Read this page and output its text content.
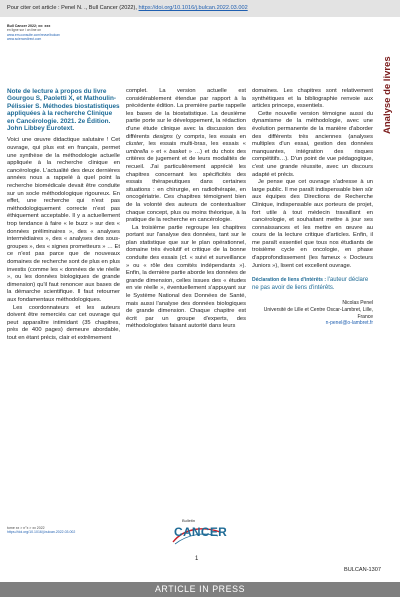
Pour citer cet article : Penel N. ., Bull Cancer (2022), https://doi.org/10.1016/j.bulcan.2022.03.002
Bull Cancer 2022; xx: xxx
en ligne sur / on line on
www.em-consulte.com/revue/bulcan
www.sciencedirect.com
Analyse de livres
Note de lecture à propos du livre Gourgou S, Paoletti X, et Mathoulin-Pélissier S. Méthodes biostatistiques appliquées à la recherche Clinique en Cancérologie. 2021. 2e Édition. John Libbey Eurotext.

Voici une œuvre didactique salutaire ! Cet ouvrage, qui plus est en français, permet une synthèse de la méthodologie actuelle appliquée à la recherche clinique en cancérologie. L'actualité des deux dernières années nous a rappelé à quel point la recherche biomédicale devait être conduite sur un socle méthodologique rigoureux. En effet, une recherche qui n'est pas méthodologiquement correcte n'est pas éthiquement acceptable. Il y a actuellement trop tendance à faire « le buzz » sur des « données préliminaires », des « analyses intermédiaires », des « analyses des sous-groupes », des « signes prometteurs » … Et ce n'est pas parce que de nouveaux domaines de recherche sont de plus en plus investis (comme les « données de vie réelle », ou les données biologiques de grande dimension) qu'il faut renoncer aux bases de la démarche scientifique. Il faut retourner aux fondamentaux méthodologiques.

Les coordonnateurs et les auteurs doivent être remerciés car cet ouvrage qui peut apparaître intimidant (35 chapitres, près de 400 pages) demeure abordable, tout en étant précis, clair et extrêmement

complet. La version actuelle est considérablement étendue par rapport à la précédente édition. La première partie rappelle les bases de la biostatistique. La deuxième partie porte sur le développement, la rédaction d'une étude clinique avec la discussion des différents designs (y compris, les essais en cluster, les essais multi-bras, les essais « umbrella » et « basket » …) et du choix des critères de jugement et de leurs modalités de recueil. J'ai particulièrement apprécié les chapitres concernant les spécificités des essais thérapeutiques dans certaines situations : en chirurgie, en radiothérapie, en oncogériatrie. Ces chapitres témoignent bien de la volonté des auteurs de contextualiser chaque concept, plus ou moins théorique, à la pratique de la recherche en cancérologie.

La troisième partie regroupe les chapitres portant sur l'analyse des données, tant sur le plan statistique que sur le plan opérationnel, domaine très évolutif et critique de la bonne conduite des essais (cf. « suivi et surveillance » ou « rôle des comités indépendants »). Enfin, la dernière partie aborde les données de grande dimension, celles issues des « études en vie réelle », éventuellement s'appuyant sur le Système National des Données de Santé, mais aussi l'analyse des données biologiques de grande dimension. Chaque chapitre est écrit par un groupe d'experts, des méthodologistes faisant autorité dans leurs

domaines. Les chapitres sont relativement synthétiques et la bibliographie renvoie aux articles princeps, essentiels.

Cette nouvelle version témoigne aussi du dynamisme de la méthodologie, avec une évolution permanente de la manière d'aborder des différents très anciennes (analyses multiples d'un essai, gestion des données manquantes, intégration des risques compétitifs…). D'un point de vue pédagogique, c'est une grande réussite, avec un discours adapté et précis.

Je pense que cet ouvrage s'adresse à un large public. Il me paraît indispensable bien sûr aux équipes des Directions de Recherche Clinique, indispensable aux porteurs de projet, fort utile à tout médecin travaillant en cancérologie, et souhaitant mettre à jour ses connaissances et les mettre en œuvre au cours de la lecture critique d'articles. Enfin, il me paraît essentiel que tous nos étudiants de troisième cycle en oncologie, en phase d'approfondissement (les fameux « Docteurs Juniors »), lisent cet excellent ouvrage.

Déclaration de liens d'intérêts : l'auteur déclare ne pas avoir de liens d'intérêts.
Nicolas Penel
Université de Lille et Centre Oscar-Lambret, Lille, France
n-penel@o-lambret.fr
tome xx > n°x > xx 2022
https://doi.org/10.1016/j.bulcan.2022.03.002
Bulletin
CANCER
1
BULCAN-1307
ARTICLE IN PRESS
